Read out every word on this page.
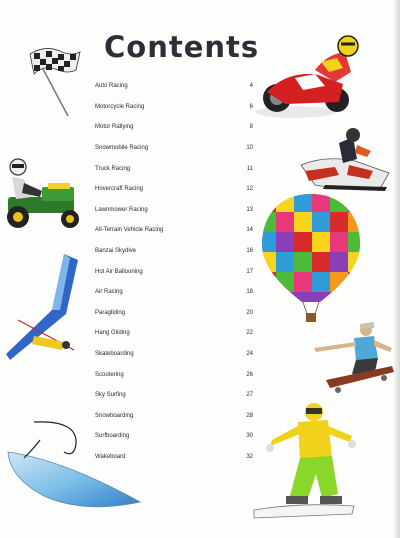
Contents
Auto Racing	4
Motorcycle Racing	6
Motor Rallying	8
Snowmobile Racing	10
Truck Racing	11
Hovercraft Racing	12
Lawnmower Racing	13
All-Terrain Vehicle Racing	14
Banzai Skydive	16
Hot Air Ballooning	17
Air Racing	18
Paragliding	20
Hang Gliding	22
Skateboarding	24
Scootering	26
Sky Surfing	27
Snowboarding	28
Surfboarding	30
Wakeboard	32
